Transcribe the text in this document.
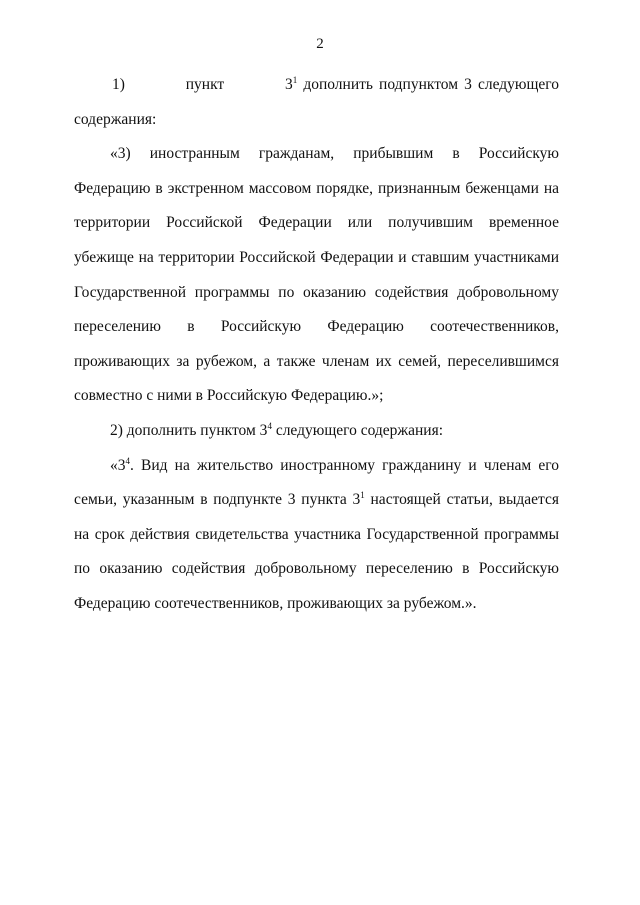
2

1)          пункт          $3^1$ дополнить подпунктом 3 следующего содержания:

«3) иностранным гражданам, прибывшим в Российскую Федерацию в экстренном массовом порядке, признанным беженцами на территории Российской Федерации или получившим временное убежище на территории Российской Федерации и ставшим участниками Государственной программы по оказанию содействия добровольному переселению в Российскую Федерацию соотечественников, проживающих за рубежом, а также членам их семей, переселившимся совместно с ними в Российскую Федерацию.»;

2) дополнить пунктом $3^4$ следующего содержания:

«$3^4$. Вид на жительство иностранному гражданину и членам его семьи, указанным в подпункте 3 пункта $3^1$ настоящей статьи, выдается на срок действия свидетельства участника Государственной программы по оказанию содействия добровольному переселению в Российскую Федерацию соотечественников, проживающих за рубежом.».
